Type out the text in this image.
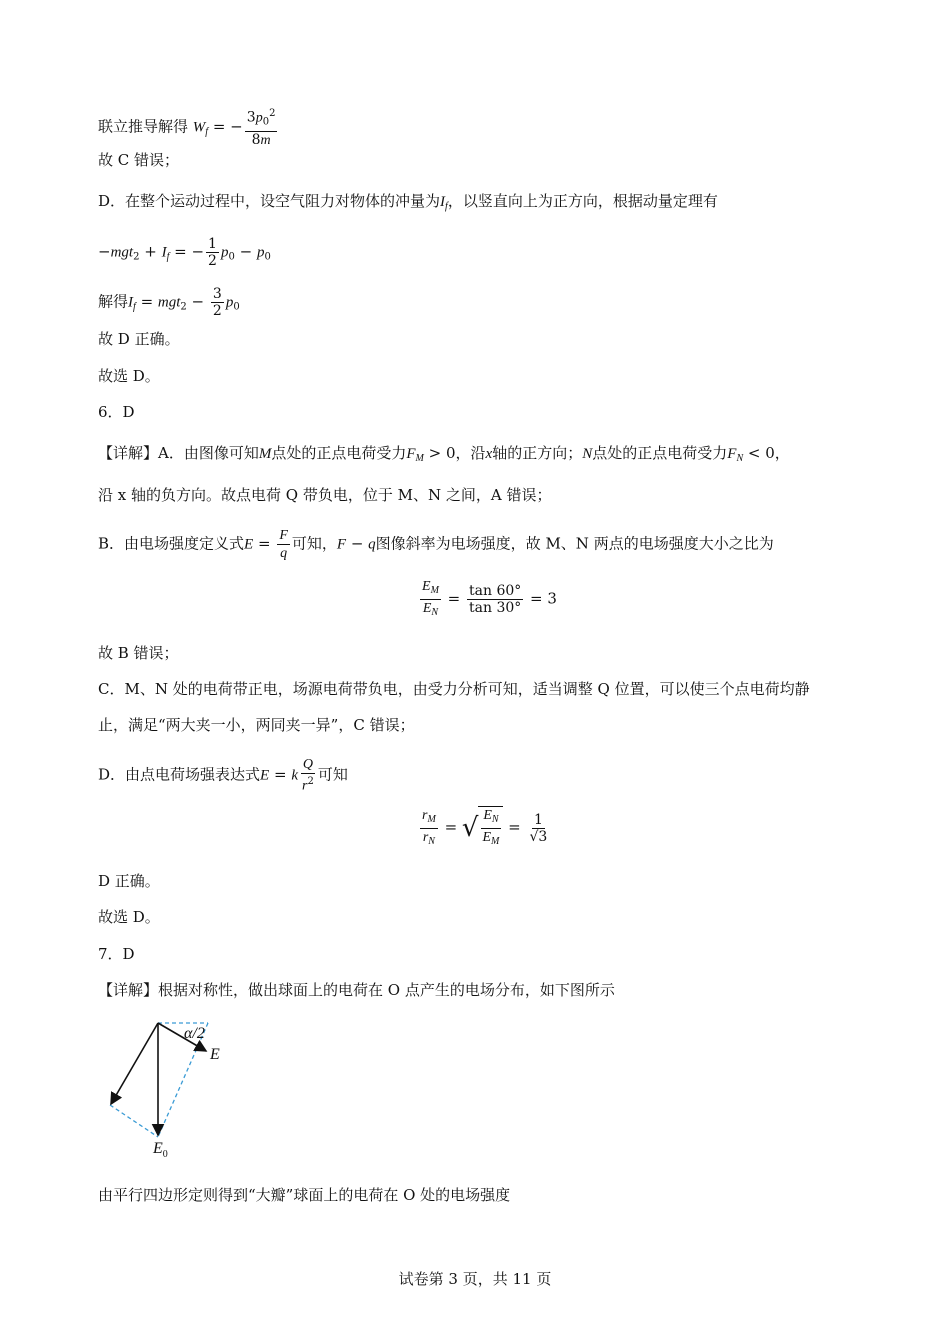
联立推导解得 $W_f$ = − $\frac{3p_0^2}{8m}$
故 C 错误；
D．在整个运动过程中，设空气阻力对物体的冲量为$I_f$，以竖直向上为正方向，根据动量定理有
$-mgt_2 + I_f$ = − $\frac{1}{2} p_0 - p_0$
解得$I_f = mgt_2 - \frac{3}{2} p_0$
故 D 正确。
故选 D。
6．D
【详解】A．由图像可知M点处的正点电荷受力$F_M > 0$，沿x轴的正方向；N点处的正点电荷受力$F_N < 0$，
沿 x 轴的负方向。故点电荷 Q 带负电，位于 M、N 之间，A 错误；
B．由电场强度定义式$E = \frac{F}{q}$ 可知，F − q图像斜率为电场强度，故 M、N 两点的电场强度大小之比为
$\frac{E_M}{E_N} = \frac{\tan 60^\circ}{\tan 30^\circ} = 3$
故 B 错误；
C．M、N 处的电荷带正电，场源电荷带负电，由受力分析可知，适当调整 Q 位置，可以使三个点电荷均静
止，满足“两大夹一小，两同夹一异”，C 错误；
D．由点电荷场强表达式E = k $\frac{Q}{r^2}$ 可知
$\frac{r_M}{r_N}$ = √ $\frac{E_N}{E_M} = \frac{1}{√3}$
D 正确。
故选 D。
7．D
【详解】根据对称性，做出球面上的电荷在 O 点产生的电场分布，如下图所示
α/2
E
$E_0$
由平行四边形定则得到“大瓣”球面上的电荷在 O 处的电场强度
试卷第 3 页，共 11 页
